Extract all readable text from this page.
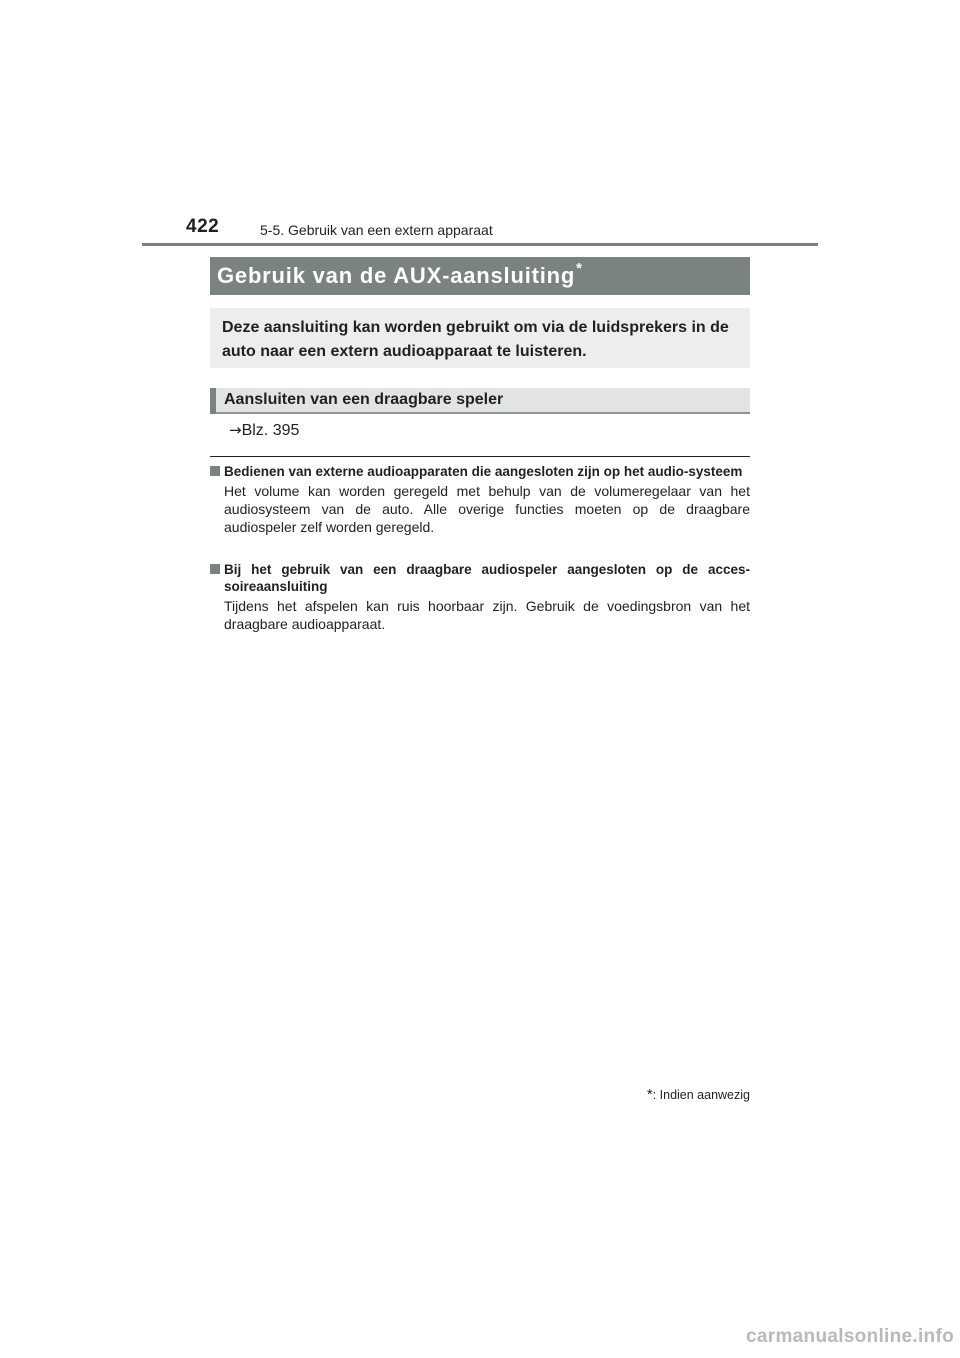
422	5-5. Gebruik van een extern apparaat
Gebruik van de AUX-aansluiting*
Deze aansluiting kan worden gebruikt om via de luidsprekers in de auto naar een extern audioapparaat te luisteren.
Aansluiten van een draagbare speler
→Blz. 395
Bedienen van externe audioapparaten die aangesloten zijn op het audio-systeem
Het volume kan worden geregeld met behulp van de volumeregelaar van het audiosysteem van de auto. Alle overige functies moeten op de draagbare audiospeler zelf worden geregeld.
Bij het gebruik van een draagbare audiospeler aangesloten op de acces-soireaansluiting
Tijdens het afspelen kan ruis hoorbaar zijn. Gebruik de voedingsbron van het draagbare audioapparaat.
*: Indien aanwezig
carmanualsonline.info
